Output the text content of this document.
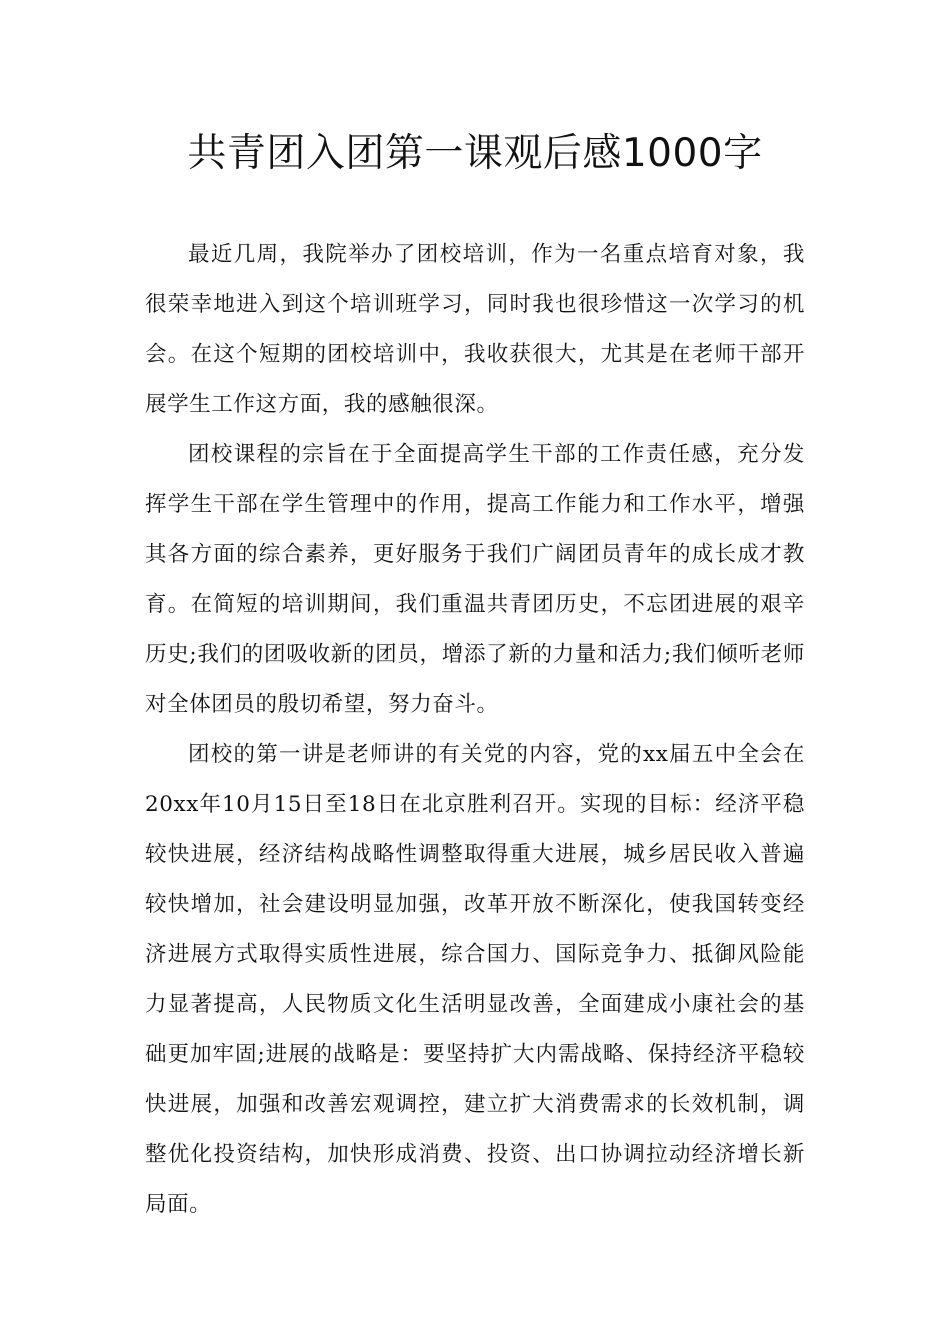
共青团入团第一课观后感1000字

最近几周，我院举办了团校培训，作为一名重点培育对象，我很荣幸地进入到这个培训班学习，同时我也很珍惜这一次学习的机会。在这个短期的团校培训中，我收获很大，尤其是在老师干部开展学生工作这方面，我的感触很深。

团校课程的宗旨在于全面提高学生干部的工作责任感，充分发挥学生干部在学生管理中的作用，提高工作能力和工作水平，增强其各方面的综合素养，更好服务于我们广阔团员青年的成长成才教育。在简短的培训期间，我们重温共青团历史，不忘团进展的艰辛历史;我们的团吸收新的团员，增添了新的力量和活力;我们倾听老师对全体团员的殷切希望，努力奋斗。

团校的第一讲是老师讲的有关党的内容，党的xx届五中全会在20xx年10月15日至18日在北京胜利召开。实现的目标：经济平稳较快进展，经济结构战略性调整取得重大进展，城乡居民收入普遍较快增加，社会建设明显加强，改革开放不断深化，使我国转变经济进展方式取得实质性进展，综合国力、国际竞争力、抵御风险能力显著提高，人民物质文化生活明显改善，全面建成小康社会的基础更加牢固;进展的战略是：要坚持扩大内需战略、保持经济平稳较快进展，加强和改善宏观调控，建立扩大消费需求的长效机制，调整优化投资结构，加快形成消费、投资、出口协调拉动经济增长新局面。
